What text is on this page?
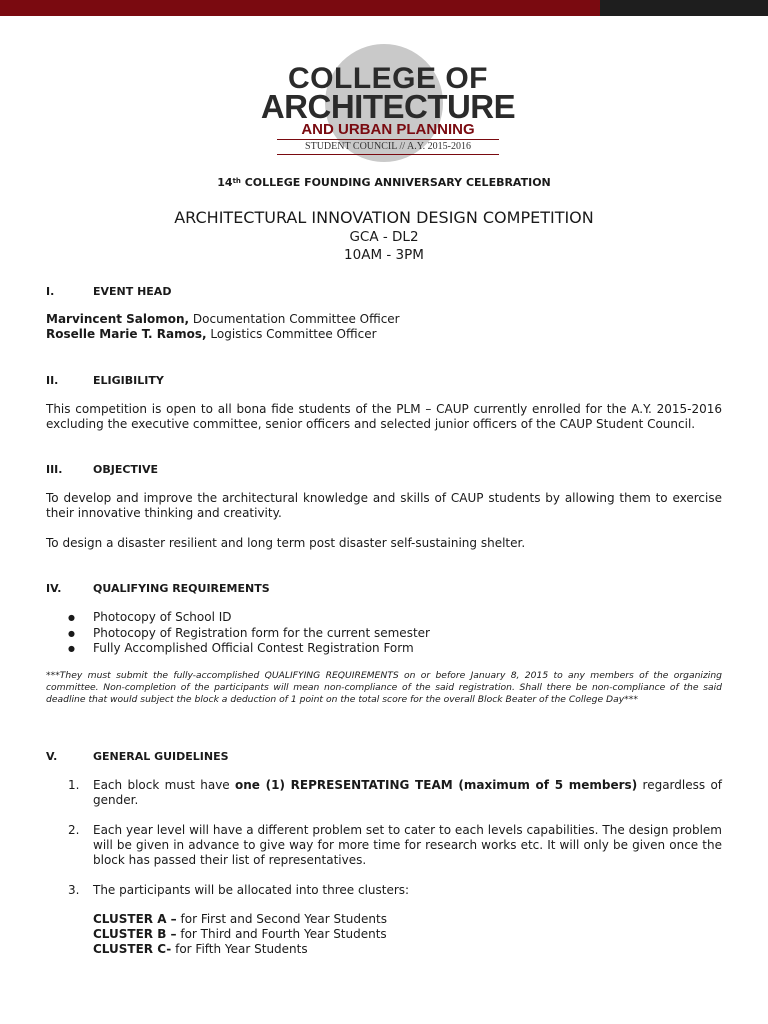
COLLEGE OF
ARCHITECTURE
AND URBAN PLANNING
STUDENT COUNCIL // A.Y. 2015-2016
14th COLLEGE FOUNDING ANNIVERSARY CELEBRATION
ARCHITECTURAL INNOVATION DESIGN COMPETITION
GCA - DL2
10AM - 3PM
I.	EVENT HEAD
Marvincent Salomon, Documentation Committee Officer
Roselle Marie T. Ramos, Logistics Committee Officer
II.	ELIGIBILITY
This competition is open to all bona fide students of the PLM – CAUP currently enrolled for the A.Y. 2015-2016 excluding the executive committee, senior officers and selected junior officers of the CAUP Student Council.
III.	OBJECTIVE
To develop and improve the architectural knowledge and skills of CAUP students by allowing them to exercise their innovative thinking and creativity.
To design a disaster resilient and long term post disaster self-sustaining shelter.
IV.	QUALIFYING REQUIREMENTS
● Photocopy of School ID
● Photocopy of Registration form for the current semester
● Fully Accomplished Official Contest Registration Form
***They must submit the fully-accomplished QUALIFYING REQUIREMENTS on or before January 8, 2015 to any members of the organizing committee. Non-completion of the participants will mean non-compliance of the said registration. Shall there be non-compliance of the said deadline that would subject the block a deduction of 1 point on the total score for the overall Block Beater of the College Day***
V.	GENERAL GUIDELINES
1. Each block must have one (1) REPRESENTATING TEAM (maximum of 5 members) regardless of gender.
2. Each year level will have a different problem set to cater to each levels capabilities. The design problem will be given in advance to give way for more time for research works etc. It will only be given once the block has passed their list of representatives.
3. The participants will be allocated into three clusters:
CLUSTER A – for First and Second Year Students
CLUSTER B – for Third and Fourth Year Students
CLUSTER C- for Fifth Year Students
